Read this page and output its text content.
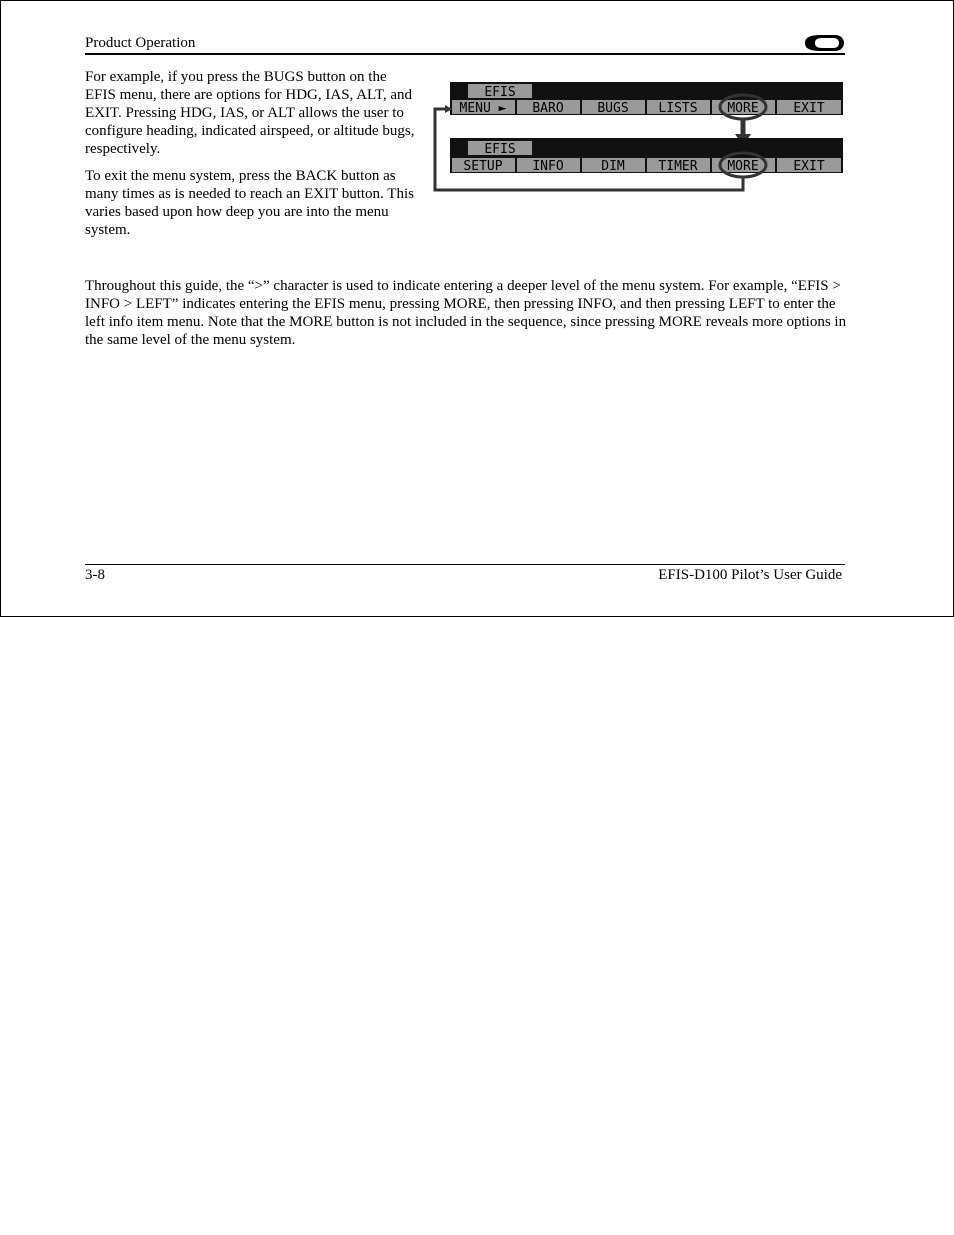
Product Operation

For example, if you press the BUGS button on the EFIS menu, there are options for HDG, IAS, ALT, and EXIT. Pressing HDG, IAS, or ALT allows the user to configure heading, indicated airspeed, or altitude bugs, respectively.

To exit the menu system, press the BACK button as many times as is needed to reach an EXIT button. This varies based upon how deep you are into the menu system.

EFIS
MENU ► BARO	BUGS LISTS MORE	EXIT
EFIS
SETUP INFO	DIM	TIMER MORE	EXIT

Throughout this guide, the “>” character is used to indicate entering a deeper level of the menu system. For example, “EFIS > INFO > LEFT” indicates entering the EFIS menu, pressing MORE, then pressing INFO, and then pressing LEFT to enter the left info item menu. Note that the MORE button is not included in the sequence, since pressing MORE reveals more options in the same level of the menu system.

3-8	EFIS-D100 Pilot’s User Guide
